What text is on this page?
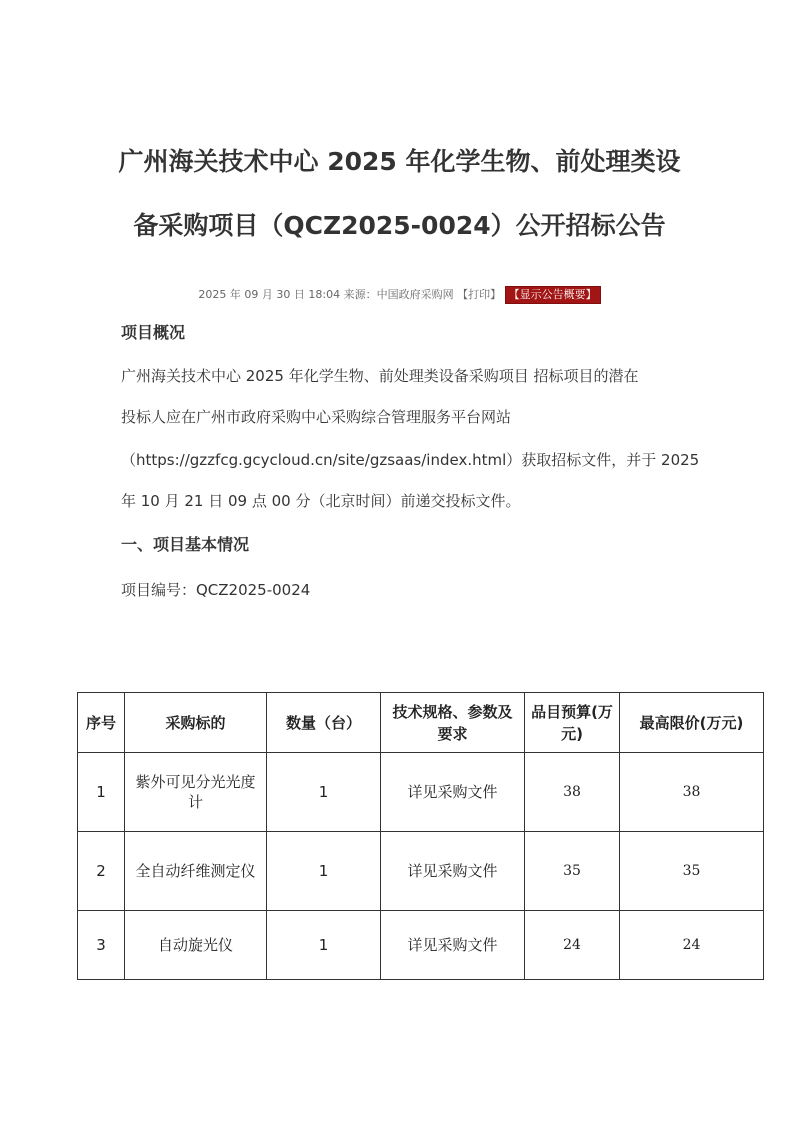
广州海关技术中心 2025 年化学生物、前处理类设
备采购项目（QCZ2025-0024）公开招标公告
2025 年 09 月 30 日 18:04 来源：中国政府采购网 【打印】 【显示公告概要】
项目概况
广州海关技术中心 2025 年化学生物、前处理类设备采购项目 招标项目的潜在
投标人应在广州市政府采购中心采购综合管理服务平台网站
（https://gzzfcg.gcycloud.cn/site/gzsaas/index.html）获取招标文件，并于 2025
年 10 月 21 日 09 点 00 分（北京时间）前递交投标文件。
一、项目基本情况
项目编号：QCZ2025-0024
序号	采购标的	数量（台）	技术规格、参数及要求	品目预算(万元)	最高限价(万元)
1	紫外可见分光光度计	1	详见采购文件	38	38
2	全自动纤维测定仪	1	详见采购文件	35	35
3	自动旋光仪	1	详见采购文件	24	24
